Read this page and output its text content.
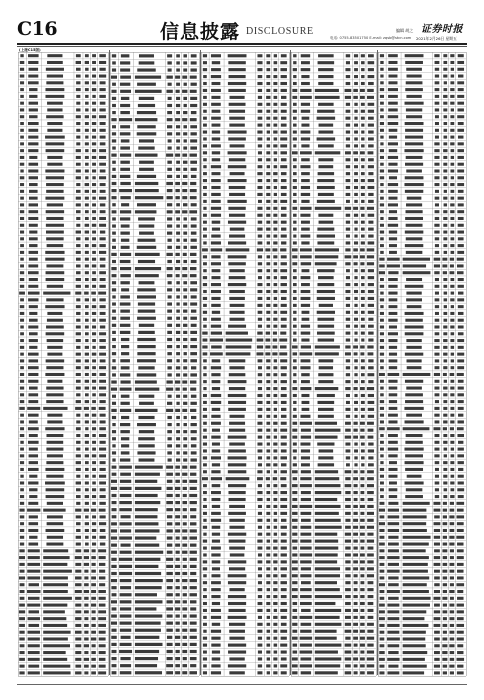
C16	信息披露 DISCLOSURE	编辑 胡之
电话: 0755-83501750 E-mail: zqsb@stcn.com
证券时报
2021年2月26日 星期五
(上接C15版)
